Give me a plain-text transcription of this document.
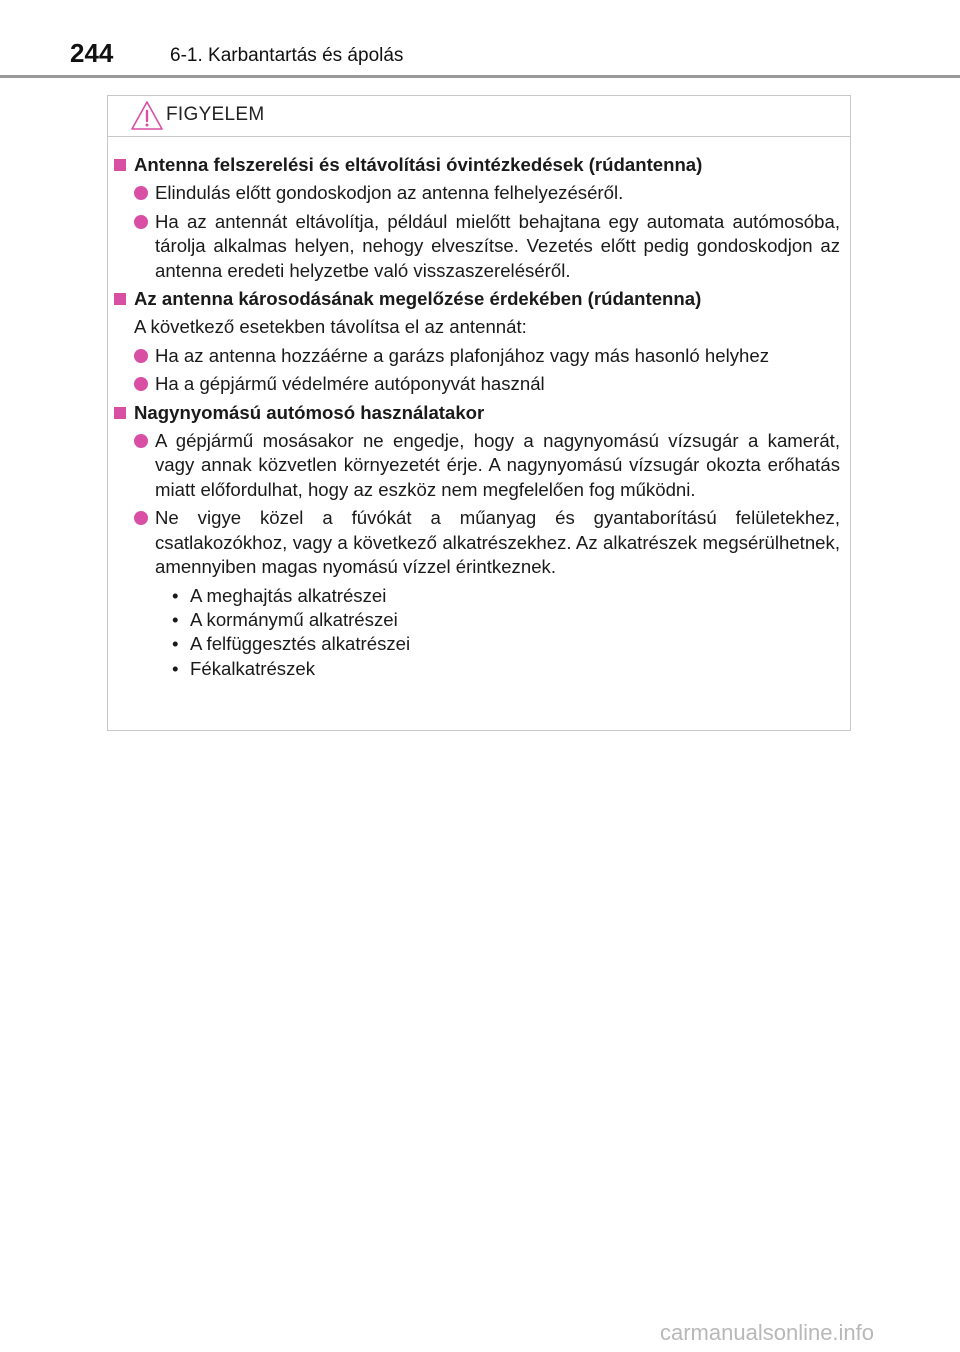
244	6-1. Karbantartás és ápolás
FIGYELEM
Antenna felszerelési és eltávolítási óvintézkedések (rúdantenna)
Elindulás előtt gondoskodjon az antenna felhelyezéséről.
Ha az antennát eltávolítja, például mielőtt behajtana egy automata autómosóba, tárolja alkalmas helyen, nehogy elveszítse. Vezetés előtt pedig gondoskodjon az antenna eredeti helyzetbe való visszaszereléséről.
Az antenna károsodásának megelőzése érdekében (rúdantenna)
A következő esetekben távolítsa el az antennát:
Ha az antenna hozzáérne a garázs plafonjához vagy más hasonló helyhez
Ha a gépjármű védelmére autóponyvát használ
Nagynyomású autómosó használatakor
A gépjármű mosásakor ne engedje, hogy a nagynyomású vízsugár a kamerát, vagy annak közvetlen környezetét érje. A nagynyomású vízsugár okozta erőhatás miatt előfordulhat, hogy az eszköz nem megfelelően fog működni.
Ne vigye közel a fúvókát a műanyag és gyantaborítású felületekhez, csatlakozókhoz, vagy a következő alkatrészekhez. Az alkatrészek megsérülhetnek, amennyiben magas nyomású vízzel érintkeznek.
• A meghajtás alkatrészei
• A kormánymű alkatrészei
• A felfüggesztés alkatrészei
• Fékalkatrészek
carmanualsonline.info
